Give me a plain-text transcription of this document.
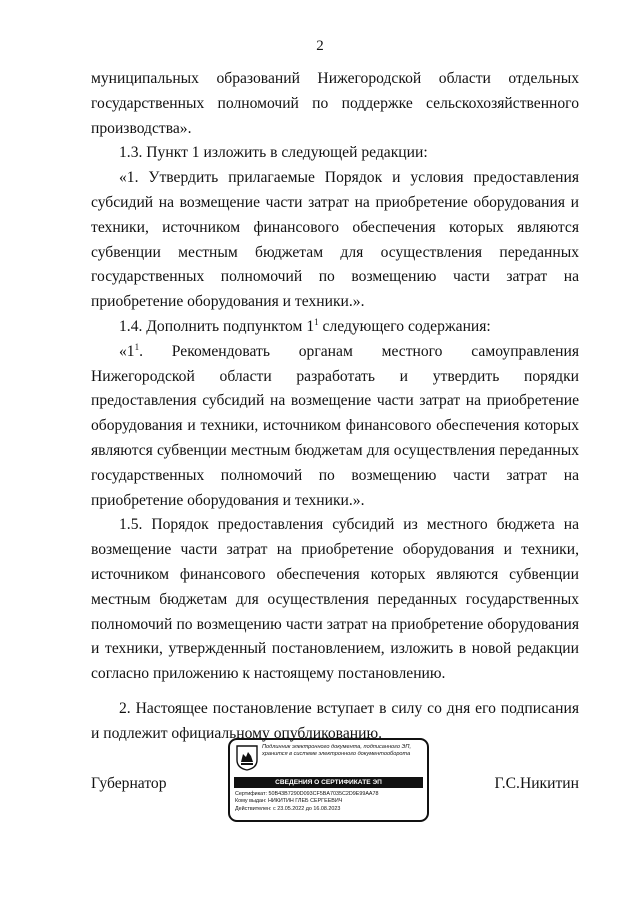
2

муниципальных образований Нижегородской области отдельных государственных полномочий по поддержке сельскохозяйственного производства».

1.3. Пункт 1 изложить в следующей редакции:

«1. Утвердить прилагаемые Порядок и условия предоставления субсидий на возмещение части затрат на приобретение оборудования и техники, источником финансового обеспечения которых являются субвенции местным бюджетам для осуществления переданных государственных полномочий по возмещению части затрат на приобретение оборудования и техники.».

1.4. Дополнить подпунктом $1^1$ следующего содержания:

«$1^1$. Рекомендовать органам местного самоуправления Нижегородской области разработать и утвердить порядки предоставления субсидий на возмещение части затрат на приобретение оборудования и техники, источником финансового обеспечения которых являются субвенции местным бюджетам для осуществления переданных государственных полномочий по возмещению части затрат на приобретение оборудования и техники.».

1.5. Порядок предоставления субсидий из местного бюджета на возмещение части затрат на приобретение оборудования и техники, источником финансового обеспечения которых являются субвенции местным бюджетам для осуществления переданных государственных полномочий по возмещению части затрат на приобретение оборудования и техники, утвержденный постановлением, изложить в новой редакции согласно приложению к настоящему постановлению.

2. Настоящее постановление вступает в силу со дня его подписания и подлежит официальному опубликованию.

Губернатор
Подлинник электронного документа, подписанного ЭП, хранится в системе электронного документооборота
СВЕДЕНИЯ О СЕРТИФИКАТЕ ЭП
Сертификат: 50B43B7290D093CF5BA7035C2D9E99AA78
Кому выдан: НИКИТИН ГЛЕБ СЕРГЕЕВИЧ
Действителен: с 23.05.2022 до 16.08.2023
Г.С.Никитин
